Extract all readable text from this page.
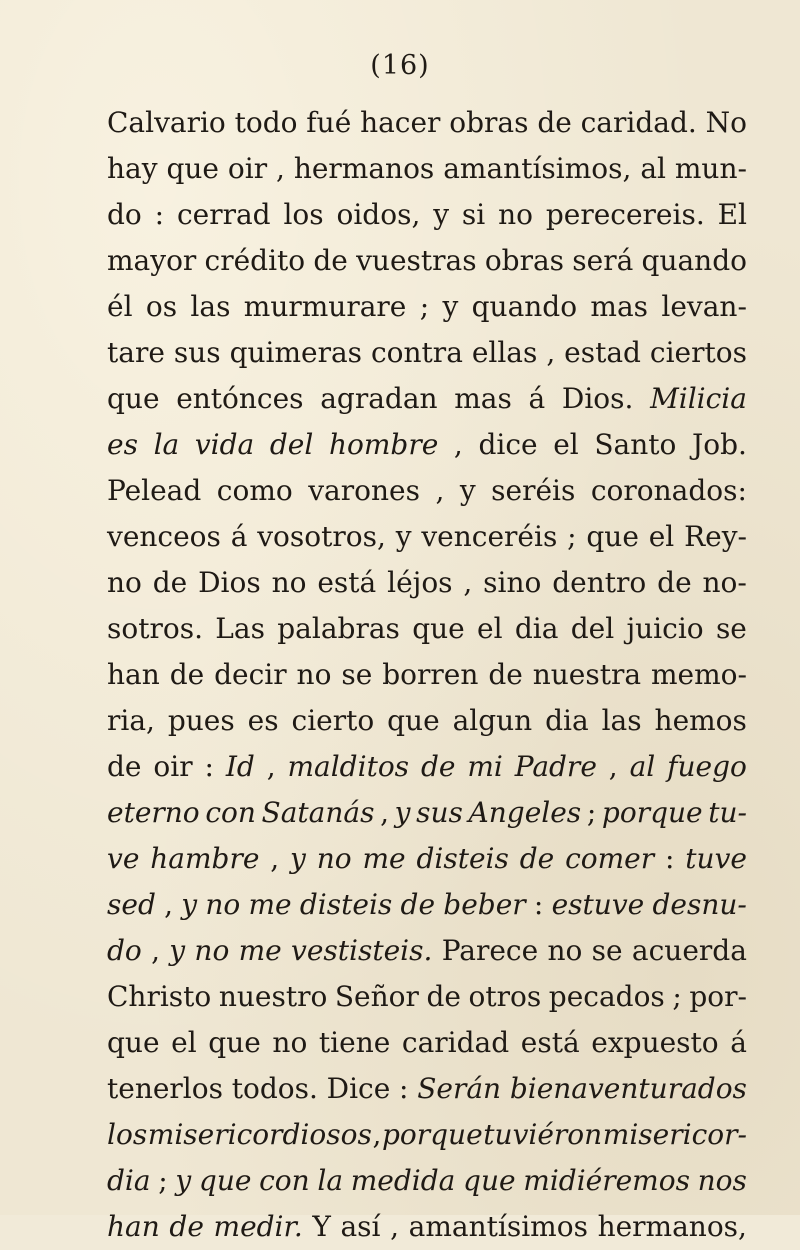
(16)
Calvario todo fué hacer obras de caridad. No
hay que oir , hermanos amantísimos, al mun-
do : cerrad los oidos, y si no perecereis. El
mayor crédito de vuestras obras será quando
él os las murmurare ; y quando mas levan-
tare sus quimeras contra ellas , estad ciertos
que entónces agradan mas á Dios. Milicia
es la vida del hombre , dice el Santo Job.
Pelead como varones , y seréis coronados:
venceos á vosotros, y venceréis ; que el Rey-
no de Dios no está léjos , sino dentro de no-
sotros. Las palabras que el dia del juicio se
han de decir no se borren de nuestra memo-
ria, pues es cierto que algun dia las hemos
de oir : Id , malditos de mi Padre , al fuego
eterno con Satanás , y sus Angeles ; porque tu-
ve hambre , y no me disteis de comer : tuve
sed , y no me disteis de beber : estuve desnu-
do , y no me vestisteis. Parece no se acuerda
Christo nuestro Señor de otros pecados ; por-
que el que no tiene caridad está expuesto á
tenerlos todos. Dice : Serán bienaventurados
los misericordiosos , porque tuviéron misericor-
dia ; y que con la medida que midiéremos nos
han de medir. Y así , amantísimos hermanos,
